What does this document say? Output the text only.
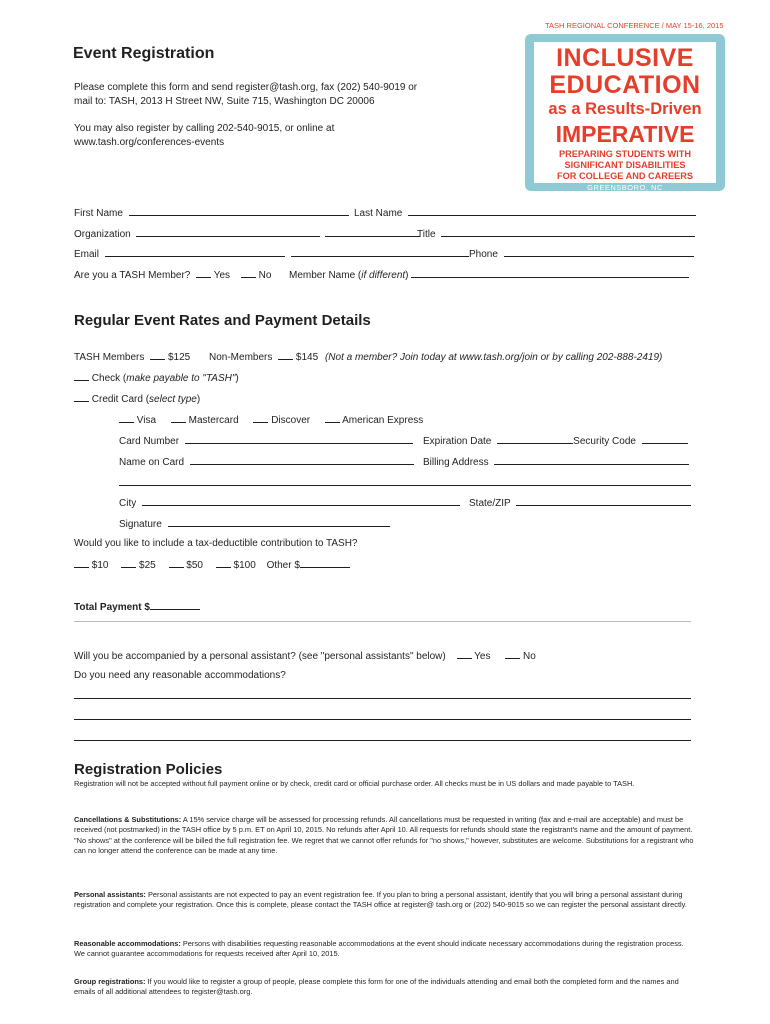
TASH REGIONAL CONFERENCE / MAY 15-16, 2015
INCLUSIVE
EDUCATION
as a Results-Driven
IMPERATIVE
PREPARING STUDENTS WITH
SIGNIFICANT DISABILITIES
FOR COLLEGE AND CAREERS
GREENSBORO, NC
Event Registration
Please complete this form and send register@tash.org, fax (202) 540-9019 or
mail to: TASH, 2013 H Street NW, Suite 715, Washington DC 20006
You may also register by calling 202-540-9015, or online at
www.tash.org/conferences-events
First Name	Last Name
Organization	Title
Email	Phone
Are you a TASH Member? Yes	No Member Name (if different)
Regular Event Rates and Payment Details
TASH Members $125 Non-Members $145 (Not a member? Join today at www.tash.org/join or by calling 202-888-2419)
Check (make payable to "TASH")
Credit Card (select type)
Visa	Mastercard	Discover	American Express
Card Number	Expiration Date	Security Code
Name on Card	Billing Address
City	State/ZIP
Signature
Would you like to include a tax-deductible contribution to TASH?
$10	$25	$50	$100 Other $
Total Payment $
Will you be accompanied by a personal assistant? (see "personal assistants" below)	Yes	No
Do you need any reasonable accommodations?
Registration Policies
Registration will not be accepted without full payment online or by check, credit card or official purchase order. All checks must be in US dollars and made payable to TASH.
Cancellations & Substitutions: A 15% service charge will be assessed for processing refunds. All cancellations must be requested in writing (fax and e-mail are acceptable) and must be received (not postmarked) in the TASH office by 5 p.m. ET on April 10, 2015. No refunds after April 10. All requests for refunds should state the registrant's name and the amount of payment. "No shows" at the conference will be billed the full registration fee. We regret that we cannot offer refunds for "no shows," however, substitutes are welcome. Substitutions for a registrant who can no longer attend the conference can be made at any time.
Personal assistants: Personal assistants are not expected to pay an event registration fee. If you plan to bring a personal assistant, identify that you will bring a personal assistant during registration and complete your registration. Once this is complete, please contact the TASH office at register@ tash.org or (202) 540-9015 so we can register the personal assistant directly.
Reasonable accommodations: Persons with disabilities requesting reasonable accommodations at the event should indicate necessary accommodations during the registration process. We cannot guarantee accommodations for requests received after April 10, 2015.
Group registrations: If you would like to register a group of people, please complete this form for one of the individuals attending and email both the completed form and the names and emails of all additional attendees to register@tash.org.
